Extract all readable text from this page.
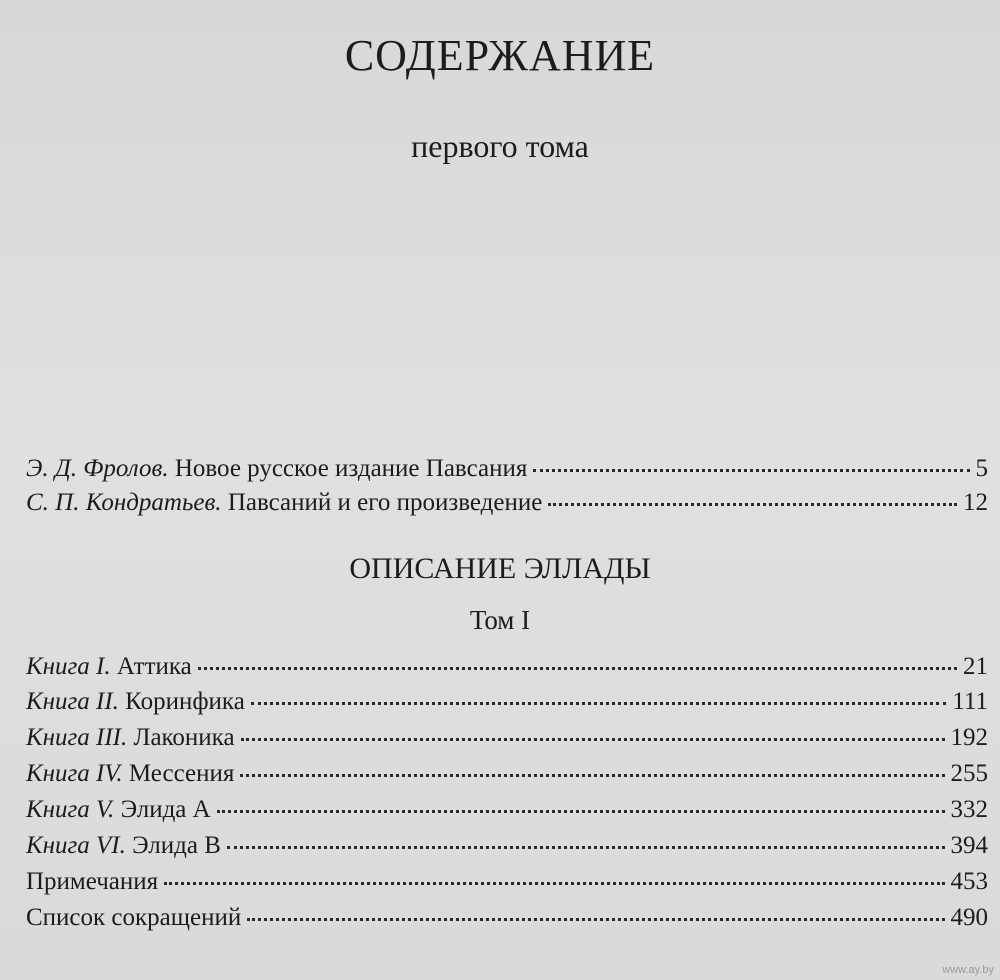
СОДЕРЖАНИЕ
первого тома
Э. Д. Фролов. Новое русское издание Павсания	5
С. П. Кондратьев. Павсаний и его произведение	12
ОПИСАНИЕ ЭЛЛАДЫ
Том I
Книга I. Аттика	21
Книга II. Коринфика	111
Книга III. Лаконика	192
Книга IV. Мессения	255
Книга V. Элида А	332
Книга VI. Элида В	394
Примечания	453
Список сокращений	490
www.ay.by
